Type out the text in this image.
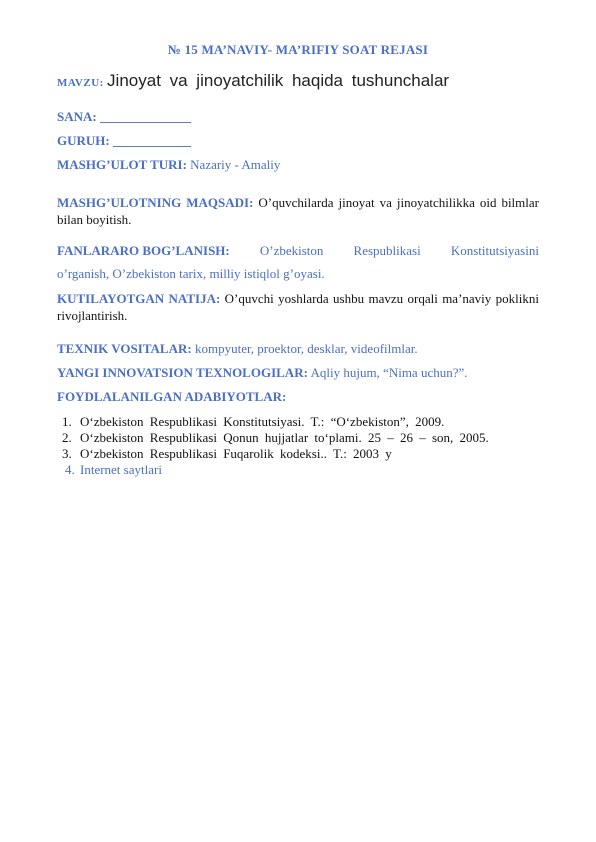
№ 15 MA’NAVIY- MA’RIFIY SOAT REJASI
MAVZU: Jinoyat va jinoyatchilik haqida tushunchalar
SANA: ______________
GURUH: ____________
MASHG’ULOT TURI: Nazariy - Amaliy
MASHG’ULOTNING MAQSADI: O’quvchilarda jinoyat va jinoyatchilikka oid bilmlar bilan boyitish.
FANLARARO BOG’LANISH: O’zbekiston Respublikasi Konstitutsiyasini
o’rganish, O’zbekiston tarix, milliy istiqlol g’oyasi.
KUTILAYOTGAN NATIJA: O’quvchi yoshlarda ushbu mavzu orqali ma’naviy poklikni rivojlantirish.
TEXNIK VOSITALAR: kompyuter, proektor, desklar, videofilmlar.
YANGI INNOVATSION TEXNOLOGILAR: Aqliy hujum, “Nima uchun?”.
FOYDLALANILGAN ADABIYOTLAR:
1. O‘zbekiston Respublikasi Konstitutsiyasi. T.: “O‘zbekiston”, 2009.
2. O‘zbekiston Respublikasi Qonun hujjatlar to‘plami. 25 – 26 – son, 2005.
3. O‘zbekiston Respublikasi Fuqarolik kodeksi.. T.: 2003 y
4. Internet saytlari
